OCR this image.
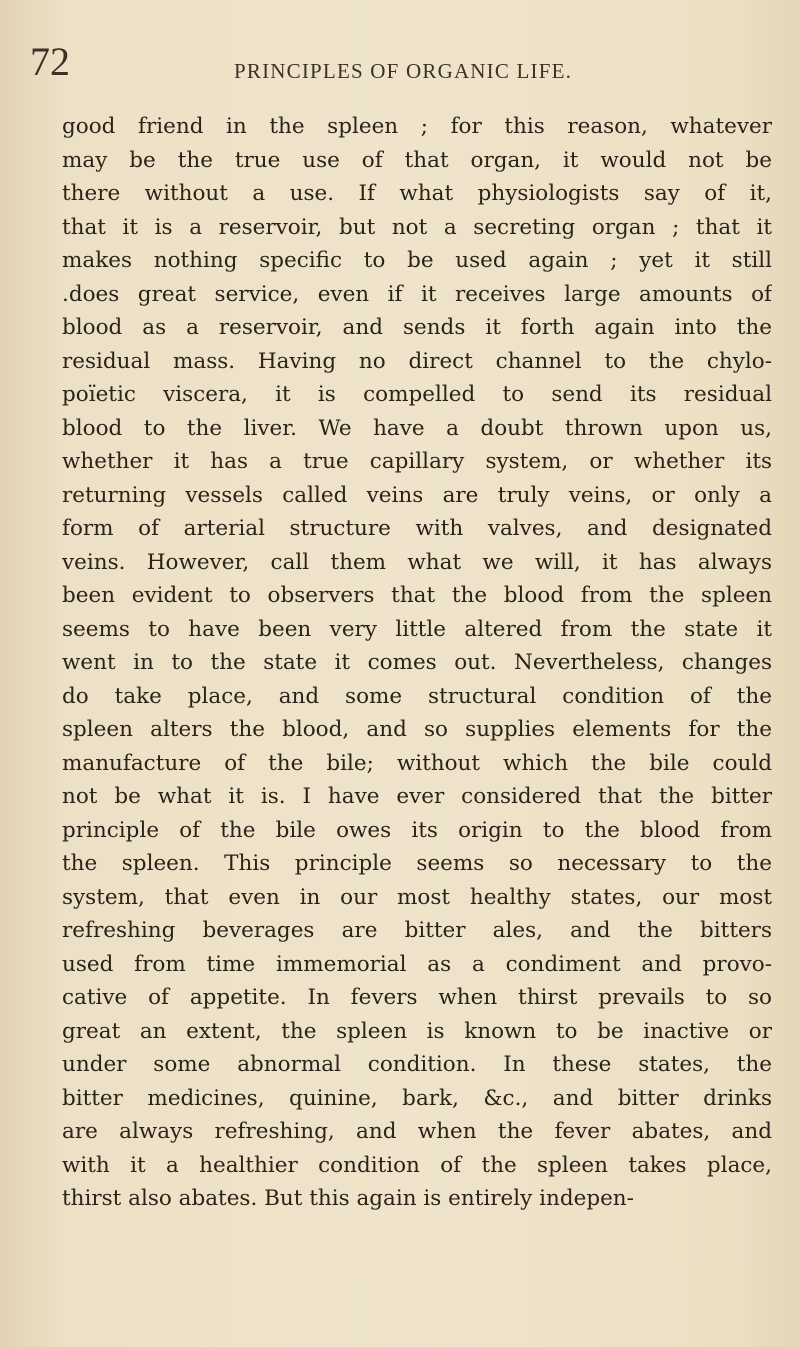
72	PRINCIPLES OF ORGANIC LIFE.
good friend in the spleen ; for this reason, whatever
may be the true use of that organ, it would not be
there without a use. If what physiologists say of it,
that it is a reservoir, but not a secreting organ ; that it
makes nothing specific to be used again ; yet it still
.does great service, even if it receives large amounts of
blood as a reservoir, and sends it forth again into the
residual mass. Having no direct channel to the chylo-
poïetic viscera, it is compelled to send its residual
blood to the liver. We have a doubt thrown upon us,
whether it has a true capillary system, or whether its
returning vessels called veins are truly veins, or only a
form of arterial structure with valves, and designated
veins. However, call them what we will, it has always
been evident to observers that the blood from the spleen
seems to have been very little altered from the state it
went in to the state it comes out. Nevertheless, changes
do take place, and some structural condition of the
spleen alters the blood, and so supplies elements for the
manufacture of the bile; without which the bile could
not be what it is. I have ever considered that the bitter
principle of the bile owes its origin to the blood from
the spleen. This principle seems so necessary to the
system, that even in our most healthy states, our most
refreshing beverages are bitter ales, and the bitters
used from time immemorial as a condiment and provo-
cative of appetite. In fevers when thirst prevails to so
great an extent, the spleen is known to be inactive or
under some abnormal condition. In these states, the
bitter medicines, quinine, bark, &c., and bitter drinks
are always refreshing, and when the fever abates, and
with it a healthier condition of the spleen takes place,
thirst also abates. But this again is entirely indepen-
